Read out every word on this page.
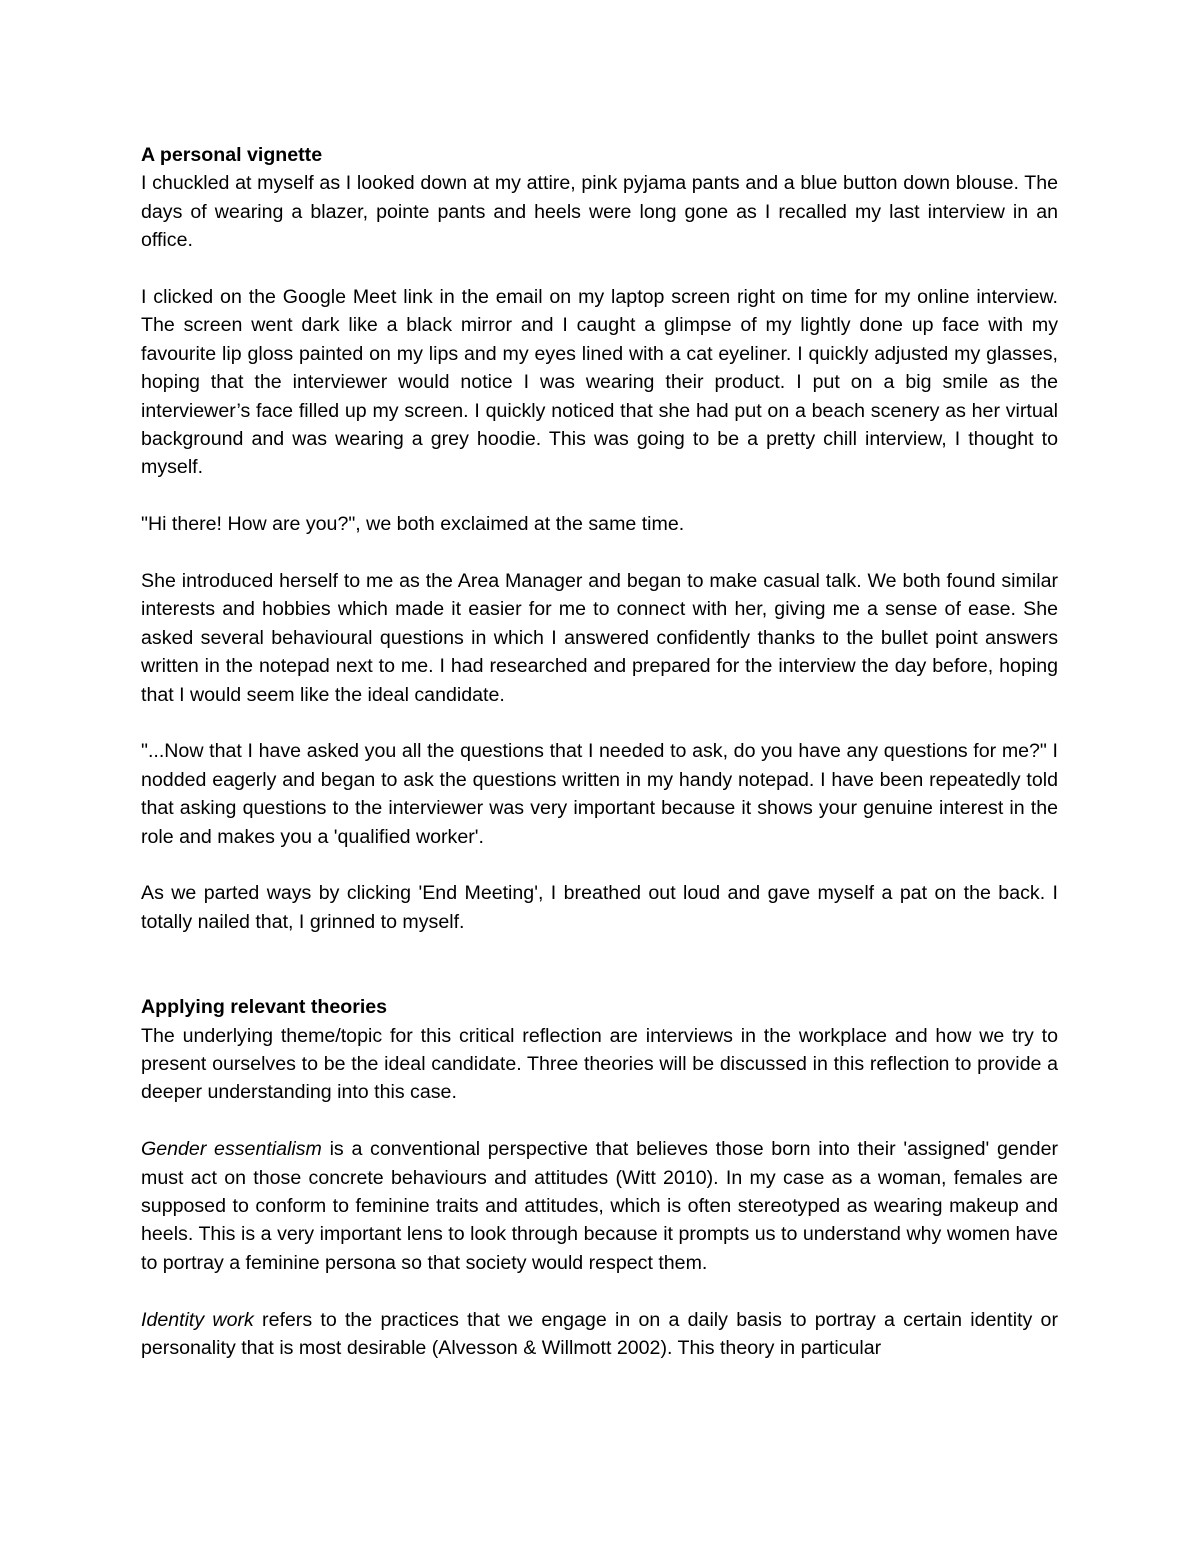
A personal vignette

I chuckled at myself as I looked down at my attire, pink pyjama pants and a blue button down blouse. The days of wearing a blazer, pointe pants and heels were long gone as I recalled my last interview in an office.

I clicked on the Google Meet link in the email on my laptop screen right on time for my online interview. The screen went dark like a black mirror and I caught a glimpse of my lightly done up face with my favourite lip gloss painted on my lips and my eyes lined with a cat eyeliner. I quickly adjusted my glasses, hoping that the interviewer would notice I was wearing their product. I put on a big smile as the interviewer’s face filled up my screen. I quickly noticed that she had put on a beach scenery as her virtual background and was wearing a grey hoodie. This was going to be a pretty chill interview, I thought to myself.

"Hi there! How are you?", we both exclaimed at the same time.

She introduced herself to me as the Area Manager and began to make casual talk. We both found similar interests and hobbies which made it easier for me to connect with her, giving me a sense of ease. She asked several behavioural questions in which I answered confidently thanks to the bullet point answers written in the notepad next to me. I had researched and prepared for the interview the day before, hoping that I would seem like the ideal candidate.

"...Now that I have asked you all the questions that I needed to ask, do you have any questions for me?" I nodded eagerly and began to ask the questions written in my handy notepad. I have been repeatedly told that asking questions to the interviewer was very important because it shows your genuine interest in the role and makes you a 'qualified worker'.

As we parted ways by clicking 'End Meeting', I breathed out loud and gave myself a pat on the back. I totally nailed that, I grinned to myself.

Applying relevant theories

The underlying theme/topic for this critical reflection are interviews in the workplace and how we try to present ourselves to be the ideal candidate. Three theories will be discussed in this reflection to provide a deeper understanding into this case.

Gender essentialism is a conventional perspective that believes those born into their 'assigned' gender must act on those concrete behaviours and attitudes (Witt 2010). In my case as a woman, females are supposed to conform to feminine traits and attitudes, which is often stereotyped as wearing makeup and heels. This is a very important lens to look through because it prompts us to understand why women have to portray a feminine persona so that society would respect them.

Identity work refers to the practices that we engage in on a daily basis to portray a certain identity or personality that is most desirable (Alvesson & Willmott 2002). This theory in particular
